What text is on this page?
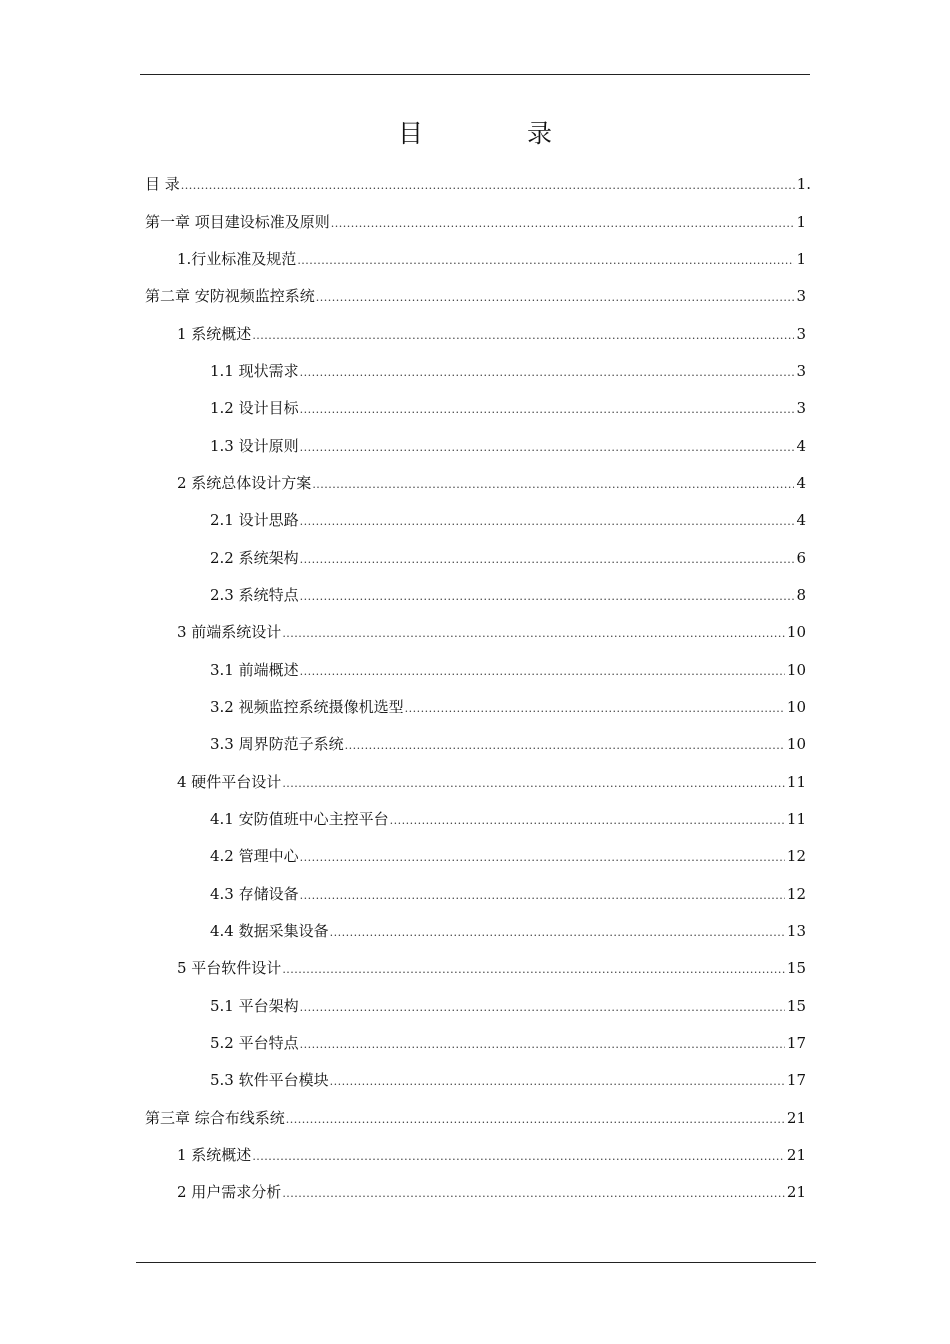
目 录
目 录 .....	1.
第一章 项目建设标准及原则 .....	1
1.行业标准及规范 .....	1
第二章 安防视频监控系统 .....	3
1 系统概述 .....	3
1.1 现状需求 .....	3
1.2 设计目标 .....	3
1.3 设计原则 .....	4
2 系统总体设计方案 .....	4
2.1 设计思路 .....	4
2.2 系统架构 .....	6
2.3 系统特点 .....	8
3 前端系统设计 .....	10
3.1 前端概述 .....	10
3.2 视频监控系统摄像机选型 .....	10
3.3 周界防范子系统 .....	10
4 硬件平台设计 .....	11
4.1 安防值班中心主控平台 .....	11
4.2 管理中心 .....	12
4.3 存储设备 .....	12
4.4 数据采集设备 .....	13
5 平台软件设计 .....	15
5.1 平台架构 .....	15
5.2 平台特点 .....	17
5.3 软件平台模块 .....	17
第三章 综合布线系统 .....	21
1 系统概述 .....	21
2 用户需求分析 .....	21
